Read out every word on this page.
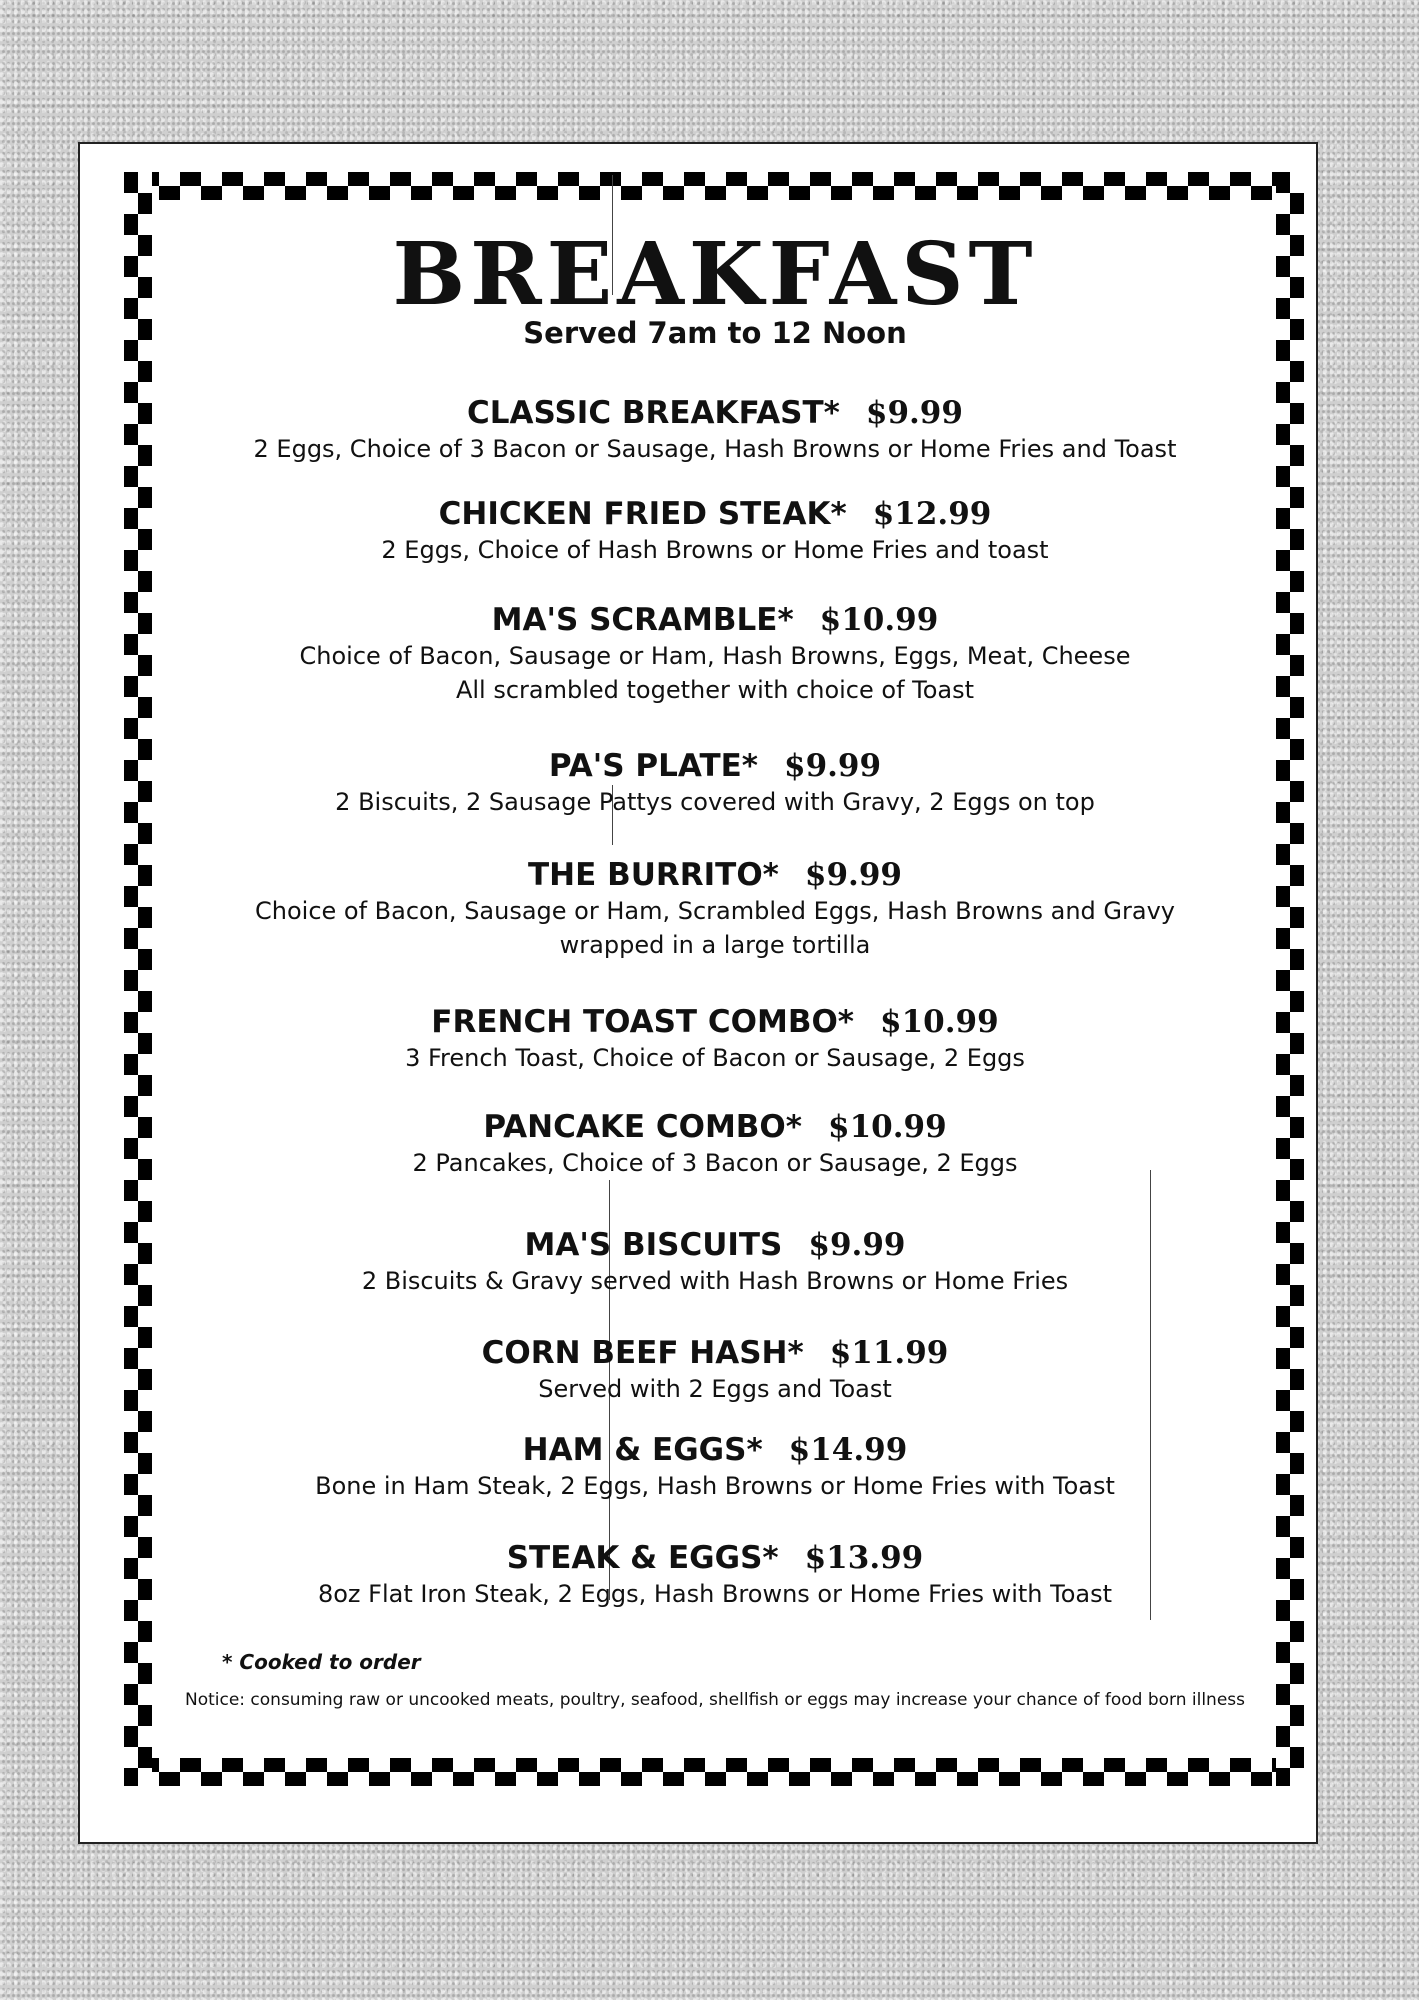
BREAKFAST
Served 7am to 12 Noon
CLASSIC BREAKFAST* $9.99
2 Eggs, Choice of 3 Bacon or Sausage, Hash Browns or Home Fries and Toast
CHICKEN FRIED STEAK* $12.99
2 Eggs, Choice of Hash Browns or Home Fries and toast
MA'S SCRAMBLE* $10.99
Choice of Bacon, Sausage or Ham, Hash Browns, Eggs, Meat, Cheese
All scrambled together with choice of Toast
PA'S PLATE* $9.99
2 Biscuits, 2 Sausage Pattys covered with Gravy, 2 Eggs on top
THE BURRITO* $9.99
Choice of Bacon, Sausage or Ham, Scrambled Eggs, Hash Browns and Gravy
wrapped in a large tortilla
FRENCH TOAST COMBO* $10.99
3 French Toast, Choice of Bacon or Sausage, 2 Eggs
PANCAKE COMBO* $10.99
2 Pancakes, Choice of 3 Bacon or Sausage, 2 Eggs
MA'S BISCUITS $9.99
2 Biscuits & Gravy served with Hash Browns or Home Fries
CORN BEEF HASH* $11.99
Served with 2 Eggs and Toast
HAM & EGGS* $14.99
Bone in Ham Steak, 2 Eggs, Hash Browns or Home Fries with Toast
STEAK & EGGS* $13.99
8oz Flat Iron Steak, 2 Eggs, Hash Browns or Home Fries with Toast
* Cooked to order
Notice: consuming raw or uncooked meats, poultry, seafood, shellfish or eggs may increase your chance of food born illness
